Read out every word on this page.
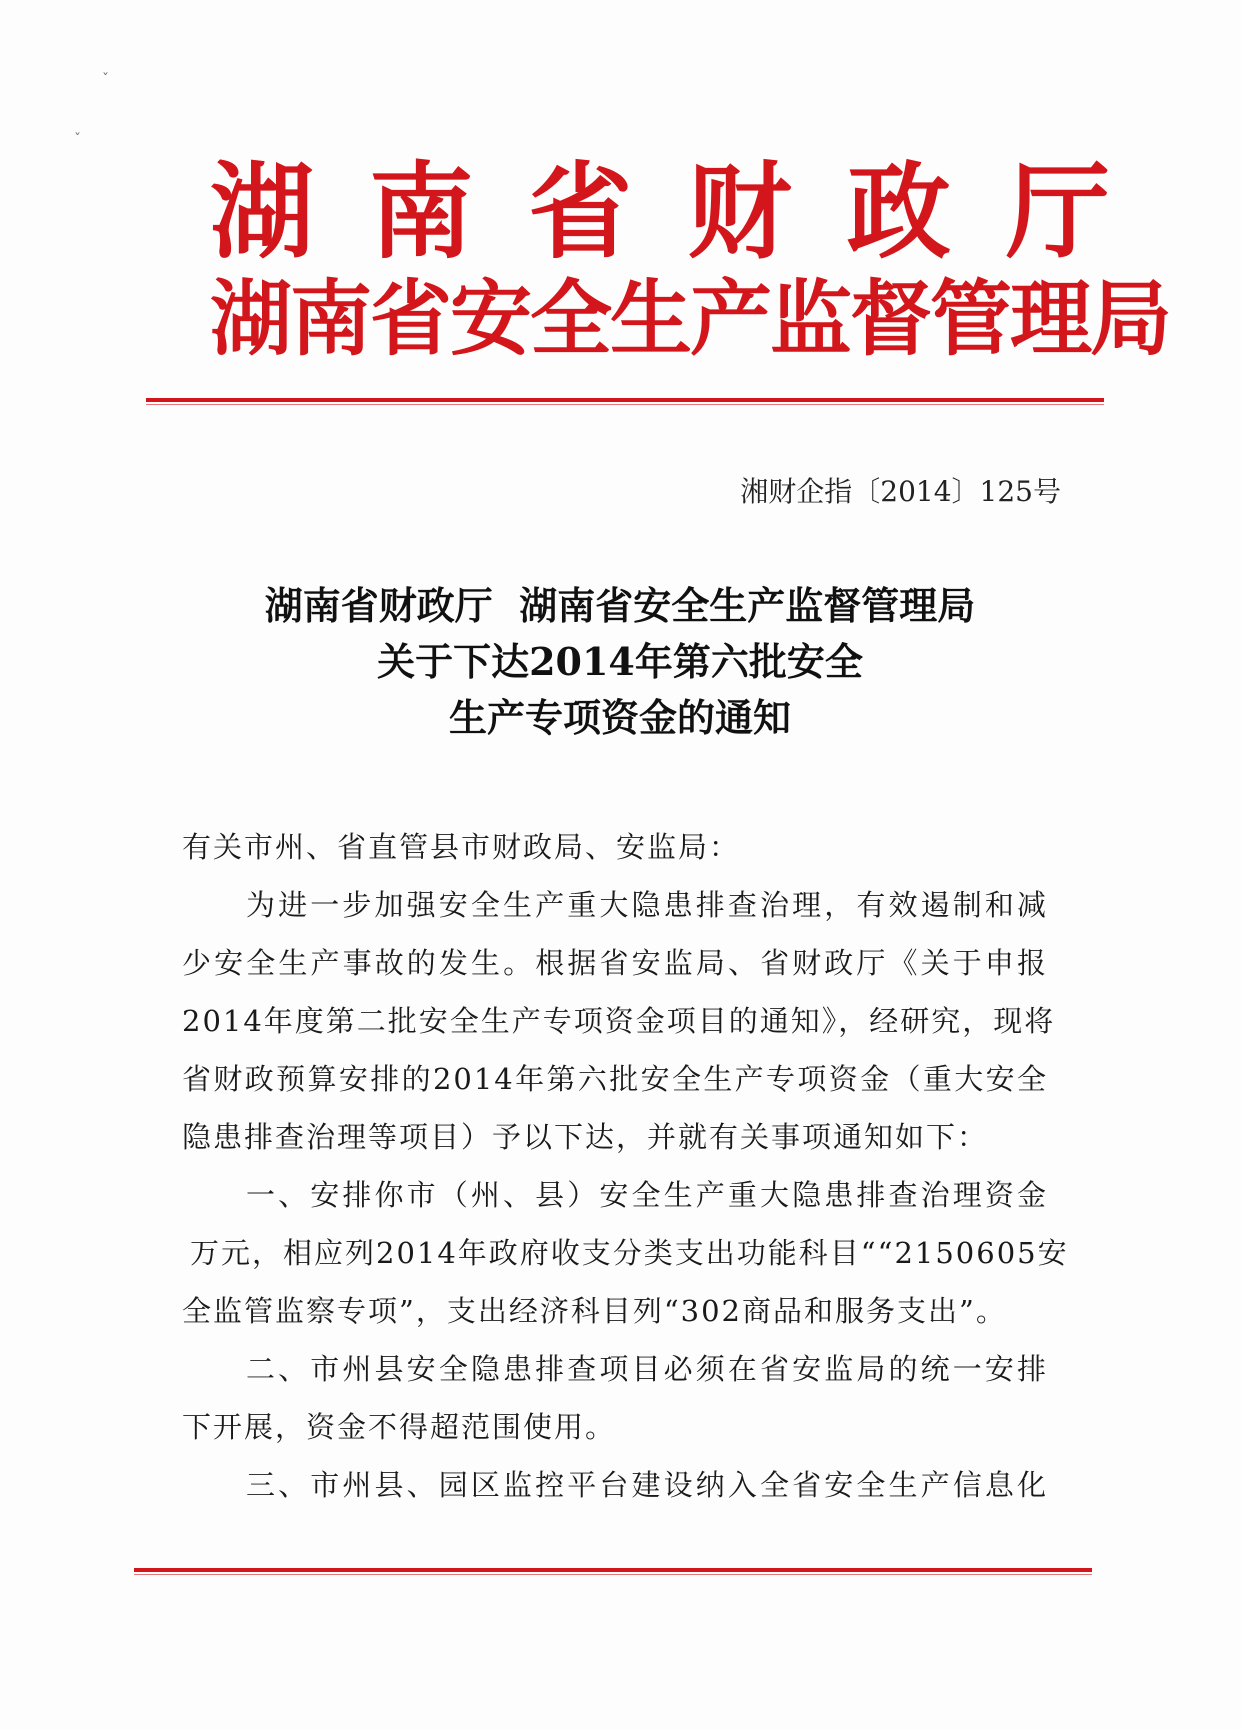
ˇ
ˇ
湖南省财政厅
湖南省安全生产监督管理局
湘财企指〔2014〕125号
湖南省财政厅  湖南省安全生产监督管理局
关于下达2014年第六批安全
生产专项资金的通知
有关市州、省直管县市财政局、安监局：
为进一步加强安全生产重大隐患排查治理，有效遏制和减
少安全生产事故的发生。根据省安监局、省财政厅《关于申报
2014年度第二批安全生产专项资金项目的通知》，经研究，现将
省财政预算安排的2014年第六批安全生产专项资金（重大安全
隐患排查治理等项目）予以下达，并就有关事项通知如下：
一、安排你市（州、县）安全生产重大隐患排查治理资金
万元，相应列2014年政府收支分类支出功能科目““2150605安
全监管监察专项”，支出经济科目列“302商品和服务支出”。
二、市州县安全隐患排查项目必须在省安监局的统一安排
下开展，资金不得超范围使用。
三、市州县、园区监控平台建设纳入全省安全生产信息化
